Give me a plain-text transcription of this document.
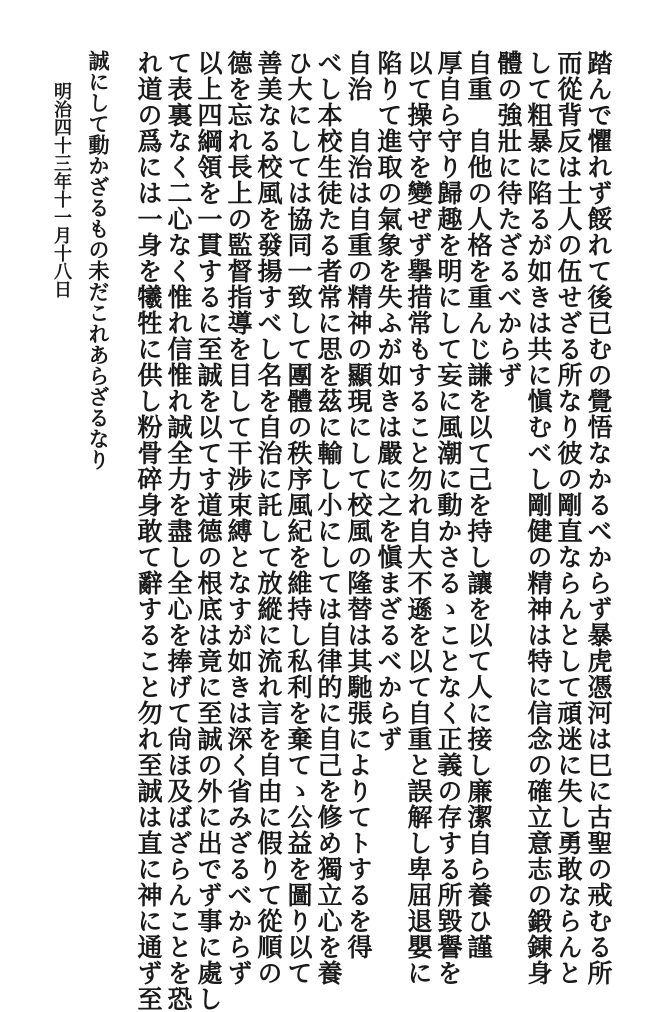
踏んで懼れず餒れて後已むの覺悟なかるべからず暴虎憑河は巳に古聖の戒むる所
而從背反は士人の伍せざる所なり彼の剛直ならんとして頑迷に失し勇敢ならんと
して粗暴に陷るが如きは共に愼むべし剛健の精神は特に信念の確立意志の鍛錬身
體の強壯に待たざるべからず
自重　自他の人格を重んじ謙を以て己を持し讓を以て人に接し廉潔自ら養ひ謹
厚自ら守り歸趣を明にして妄に風潮に動かさるゝことなく正義の存する所毀譽を
以て操守を變ぜず擧措常もすること勿れ自大不遜を以て自重と誤解し卑屈退嬰に
陷りて進取の氣象を失ふが如きは嚴に之を愼まざるべからず
自治　自治は自重の精神の顯現にして校風の隆替は其馳張によりてトするを得
べし本校生徒たる者常に思を茲に輸し小にしては自律的に自己を修め獨立心を養
ひ大にしては協同一致して團體の秩序風紀を維持し私利を棄てゝ公益を圖り以て
善美なる校風を發揚すべし名を自治に託して放縱に流れ言を自由に假りて從順の
德を忘れ長上の監督指導を目して干涉束縛となすが如きは深く省みざるべからず
以上四綱領を一貫するに至誠を以てす道德の根底は竟に至誠の外に出でず事に處し
て表裏なく二心なく惟れ信惟れ誠全力を盡し全心を捧げて尙ほ及ばざらんことを恐
れ道の爲には一身を犧牲に供し粉骨碎身敢て辭すること勿れ至誠は直に神に通ず至
誠にして動かざるもの未だこれあらざるなり
明治四十三年十一月十八日
